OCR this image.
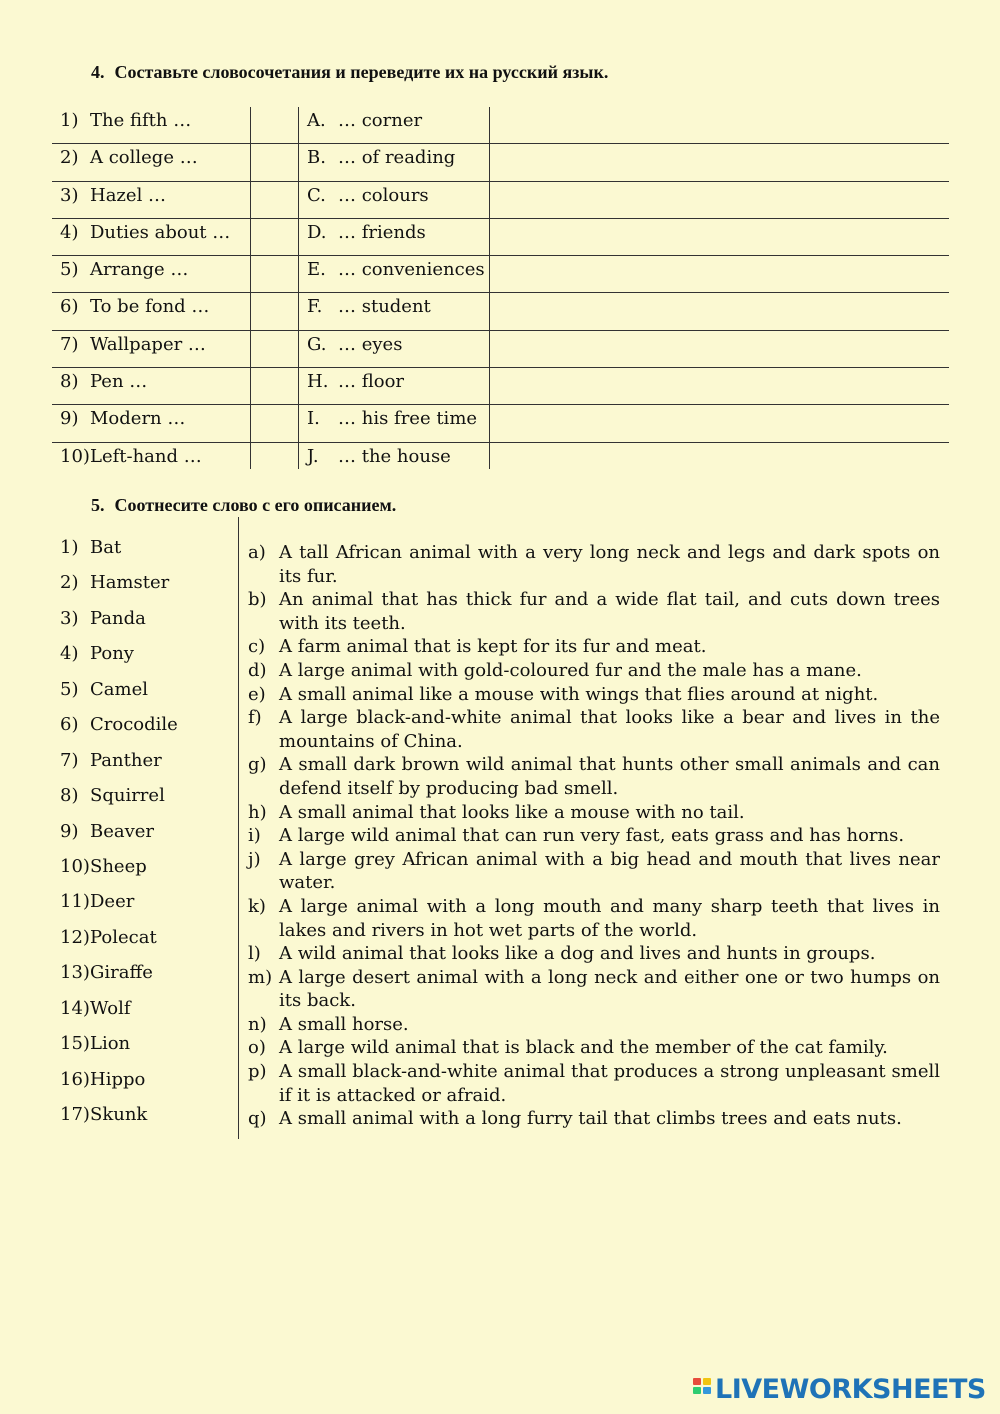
4. Составьте словосочетания и переведите их на русский язык.
1) The fifth …	A. … corner
2) A college …	B. … of reading
3) Hazel …	C. … colours
4) Duties about …	D. … friends
5) Arrange …	E. … conveniences
6) To be fond …	F. … student
7) Wallpaper …	G. … eyes
8) Pen …	H. … floor
9) Modern …	I. … his free time
10) Left-hand …	J. … the house
5. Соотнесите слово с его описанием.
1) Bat
2) Hamster
3) Panda
4) Pony
5) Camel
6) Crocodile
7) Panther
8) Squirrel
9) Beaver
10) Sheep
11) Deer
12) Polecat
13) Giraffe
14) Wolf
15) Lion
16) Hippo
17) Skunk
a) A tall African animal with a very long neck and legs and dark spots on its fur.
b) An animal that has thick fur and a wide flat tail, and cuts down trees with its teeth.
c) A farm animal that is kept for its fur and meat.
d) A large animal with gold-coloured fur and the male has a mane.
e) A small animal like a mouse with wings that flies around at night.
f) A large black-and-white animal that looks like a bear and lives in the mountains of China.
g) A small dark brown wild animal that hunts other small animals and can defend itself by producing bad smell.
h) A small animal that looks like a mouse with no tail.
i) A large wild animal that can run very fast, eats grass and has horns.
j) A large grey African animal with a big head and mouth that lives near water.
k) A large animal with a long mouth and many sharp teeth that lives in lakes and rivers in hot wet parts of the world.
l) A wild animal that looks like a dog and lives and hunts in groups.
m) A large desert animal with a long neck and either one or two humps on its back.
n) A small horse.
o) A large wild animal that is black and the member of the cat family.
p) A small black-and-white animal that produces a strong unpleasant smell if it is attacked or afraid.
q) A small animal with a long furry tail that climbs trees and eats nuts.
LIVEWORKSHEETS
